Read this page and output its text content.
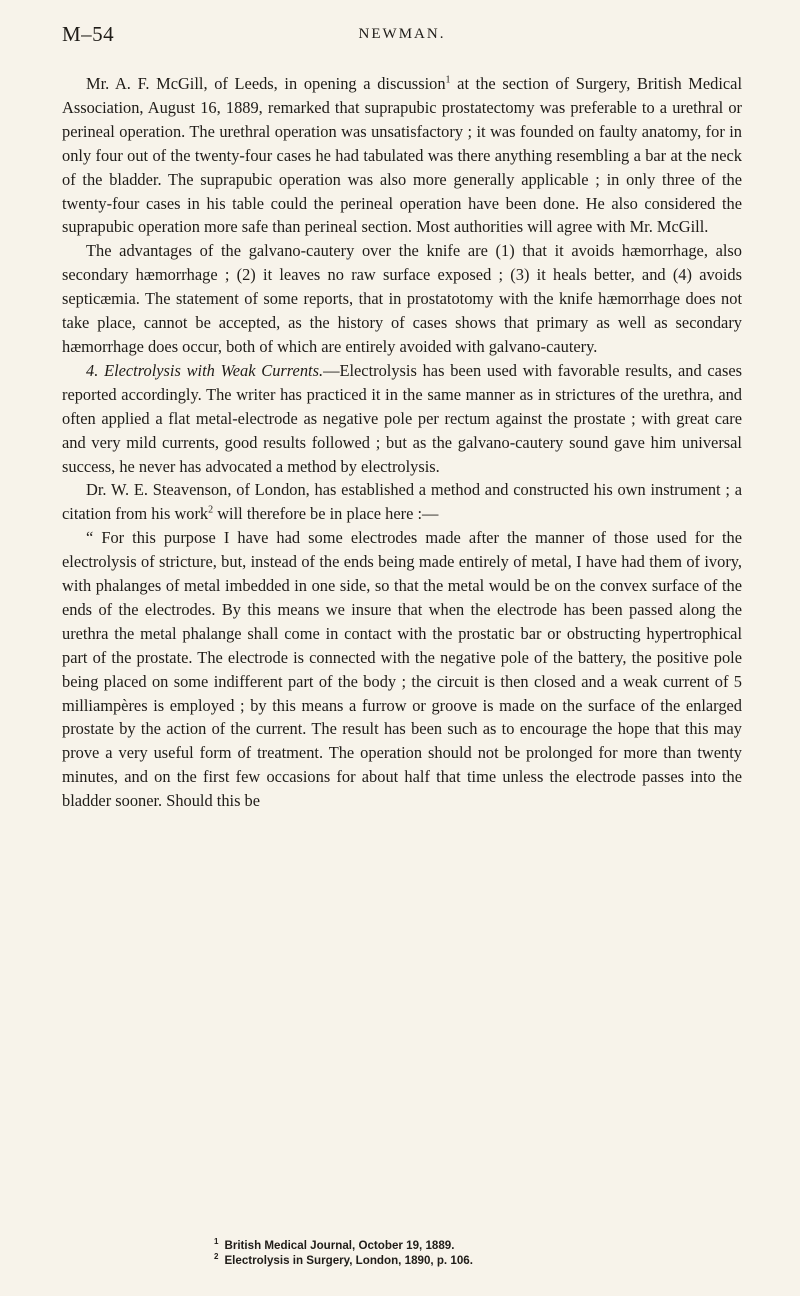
M–54	NEWMAN.

Mr. A. F. McGill, of Leeds, in opening a discussion$^1$ at the section of Surgery, British Medical Association, August 16, 1889, remarked that suprapubic prostatectomy was preferable to a urethral or perineal operation. The urethral operation was unsatisfactory ; it was founded on faulty anatomy, for in only four out of the twenty-four cases he had tabulated was there anything resembling a bar at the neck of the bladder. The suprapubic operation was also more generally applicable ; in only three of the twenty-four cases in his table could the perineal operation have been done. He also considered the suprapubic operation more safe than perineal section. Most authorities will agree with Mr. McGill.

The advantages of the galvano-cautery over the knife are (1) that it avoids hæmorrhage, also secondary hæmorrhage ; (2) it leaves no raw surface exposed ; (3) it heals better, and (4) avoids septicæmia. The statement of some reports, that in prostatotomy with the knife hæmorrhage does not take place, cannot be accepted, as the history of cases shows that primary as well as secondary hæmorrhage does occur, both of which are entirely avoided with galvano-cautery.

4. Electrolysis with Weak Currents.—Electrolysis has been used with favorable results, and cases reported accordingly. The writer has practiced it in the same manner as in strictures of the urethra, and often applied a flat metal-electrode as negative pole per rectum against the prostate ; with great care and very mild currents, good results followed ; but as the galvano-cautery sound gave him universal success, he never has advocated a method by electrolysis.

Dr. W. E. Steavenson, of London, has established a method and constructed his own instrument ; a citation from his work$^2$ will therefore be in place here :—

“ For this purpose I have had some electrodes made after the manner of those used for the electrolysis of stricture, but, instead of the ends being made entirely of metal, I have had them of ivory, with phalanges of metal imbedded in one side, so that the metal would be on the convex surface of the ends of the electrodes. By this means we insure that when the electrode has been passed along the urethra the metal phalange shall come in contact with the prostatic bar or obstructing hypertrophical part of the prostate. The electrode is connected with the negative pole of the battery, the positive pole being placed on some indifferent part of the body ; the circuit is then closed and a weak current of 5 milliampères is employed ; by this means a furrow or groove is made on the surface of the enlarged prostate by the action of the current. The result has been such as to encourage the hope that this may prove a very useful form of treatment. The operation should not be prolonged for more than twenty minutes, and on the first few occasions for about half that time unless the electrode passes into the bladder sooner. Should this be

$^1$ British Medical Journal, October 19, 1889.
$^2$ Electrolysis in Surgery, London, 1890, p. 106.
